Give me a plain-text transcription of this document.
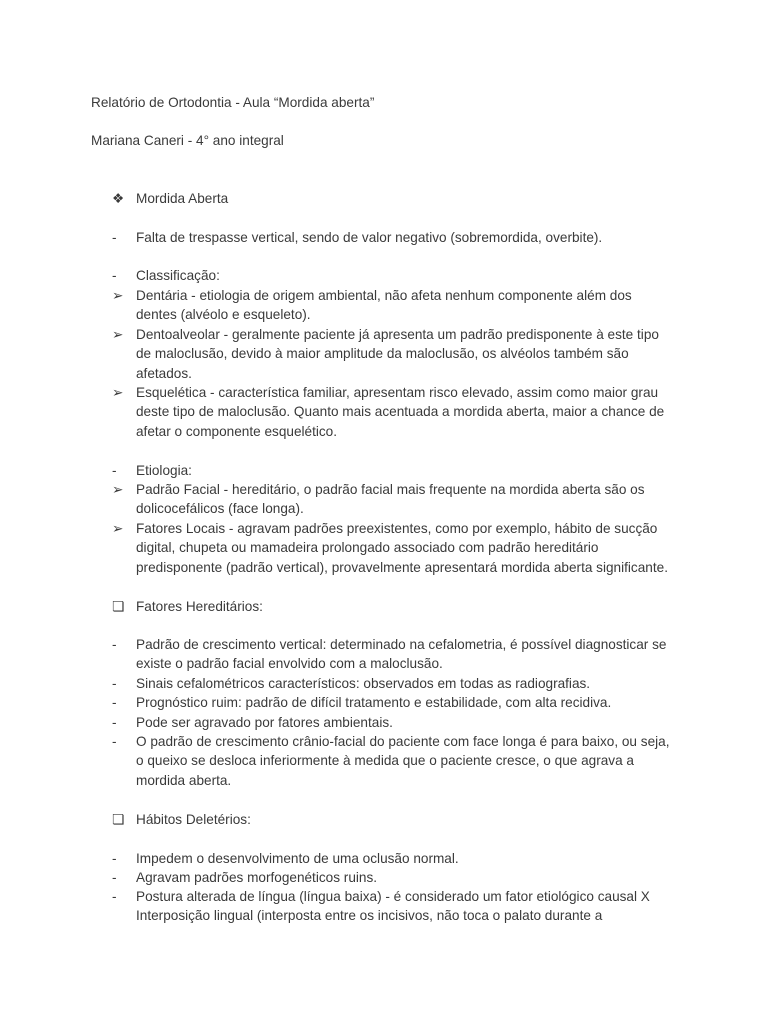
Relatório de Ortodontia - Aula “Mordida aberta”
Mariana Caneri - 4° ano integral
❖ Mordida Aberta
-	Falta de trespasse vertical, sendo de valor negativo (sobremordida, overbite).
-	Classificação:
➢ Dentária - etiologia de origem ambiental, não afeta nenhum componente além dos
dentes (alvéolo e esqueleto).
➢ Dentoalveolar - geralmente paciente já apresenta um padrão predisponente à este tipo
de maloclusão, devido à maior amplitude da maloclusão, os alvéolos também são
afetados.
➢ Esquelética - característica familiar, apresentam risco elevado, assim como maior grau
deste tipo de maloclusão. Quanto mais acentuada a mordida aberta, maior a chance de
afetar o componente esquelético.
-	Etiologia:
➢ Padrão Facial - hereditário, o padrão facial mais frequente na mordida aberta são os
dolicocefálicos (face longa).
➢ Fatores Locais - agravam padrões preexistentes, como por exemplo, hábito de sucção
digital, chupeta ou mamadeira prolongado associado com padrão hereditário
predisponente (padrão vertical), provavelmente apresentará mordida aberta significante.
❏ Fatores Hereditários:
-	Padrão de crescimento vertical: determinado na cefalometria, é possível diagnosticar se
existe o padrão facial envolvido com a maloclusão.
-	Sinais cefalométricos característicos: observados em todas as radiografias.
-	Prognóstico ruim: padrão de difícil tratamento e estabilidade, com alta recidiva.
-	Pode ser agravado por fatores ambientais.
-	O padrão de crescimento crânio-facial do paciente com face longa é para baixo, ou seja,
o queixo se desloca inferiormente à medida que o paciente cresce, o que agrava a
mordida aberta.
❏ Hábitos Deletérios:
-	Impedem o desenvolvimento de uma oclusão normal.
-	Agravam padrões morfogenéticos ruins.
-	Postura alterada de língua (língua baixa) - é considerado um fator etiológico causal X
Interposição lingual (interposta entre os incisivos, não toca o palato durante a
